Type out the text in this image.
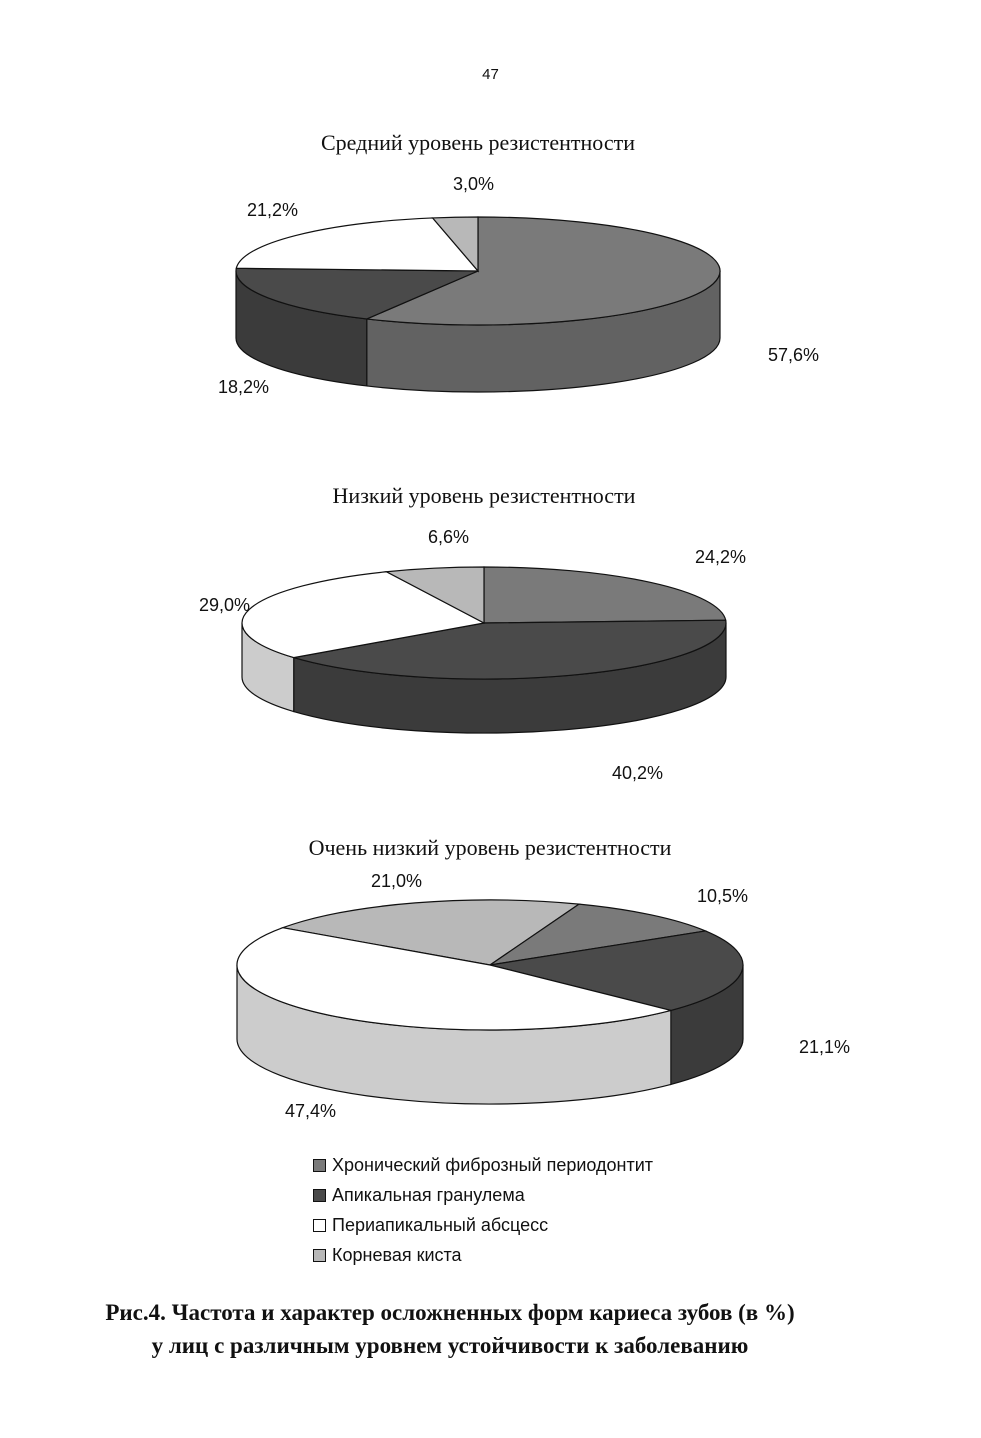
47
Средний уровень резистентности
57,6%
18,2%
21,2%
3,0%
Низкий уровень резистентности
24,2%
40,2%
29,0%
6,6%
Очень низкий уровень резистентности
21,0%
10,5%
21,1%
47,4%
Хронический фиброзный периодонтит
Апикальная гранулема
Периапикальный абсцесс
Корневая киста
Рис.4. Частота и характер осложненных форм кариеса зубов (в %)
у лиц с различным уровнем устойчивости к заболеванию
